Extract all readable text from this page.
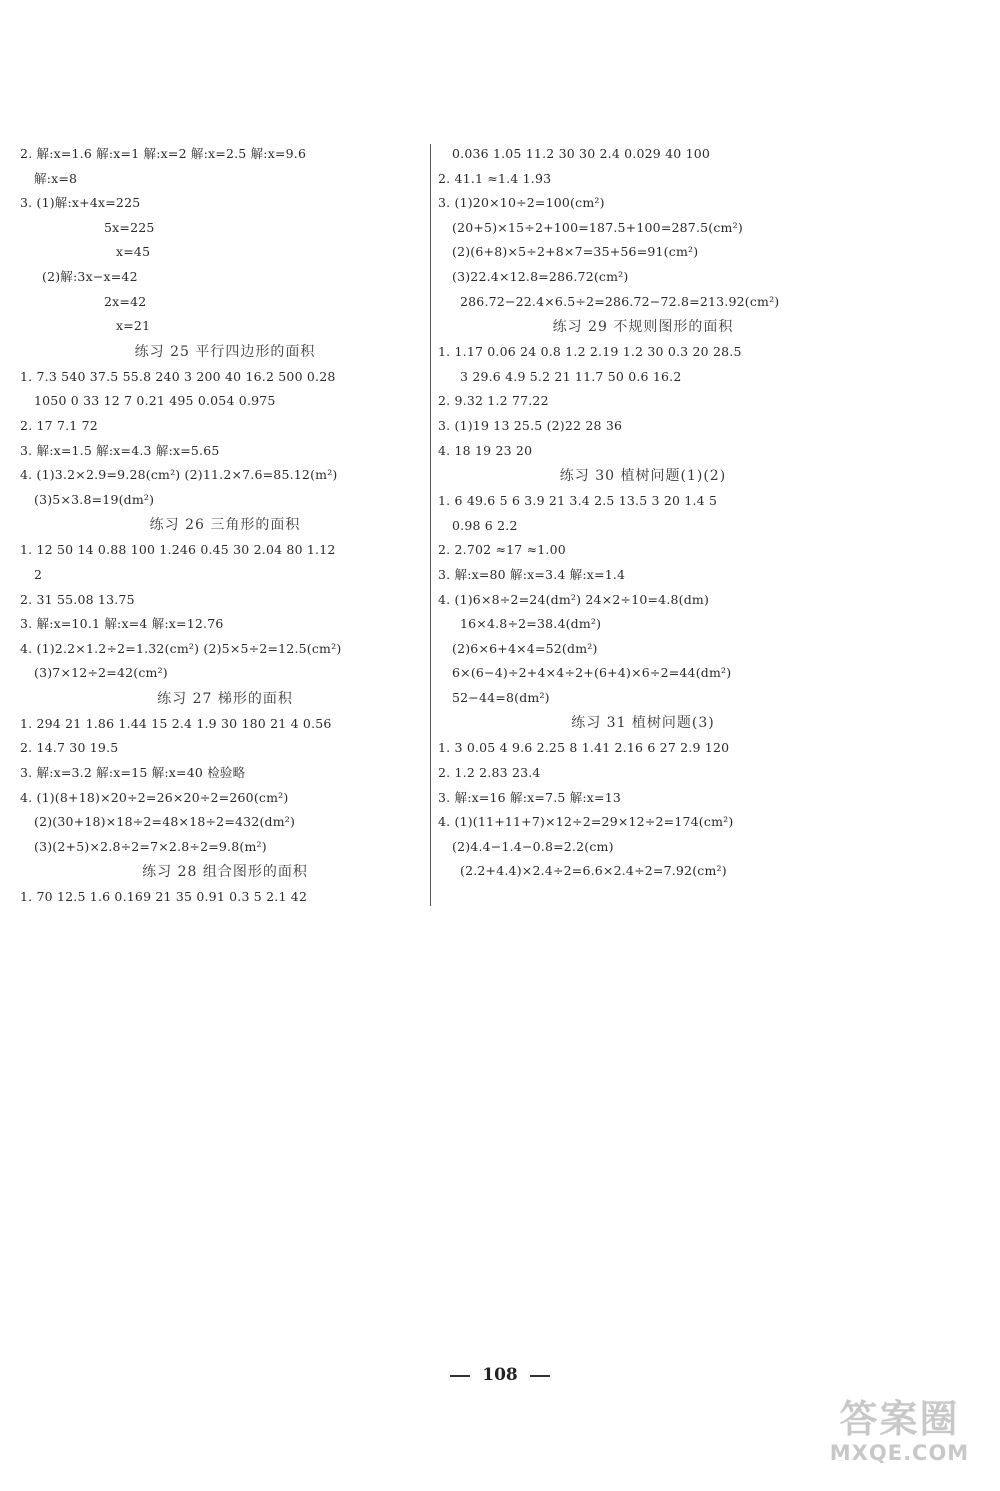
2. 解:x=1.6 解:x=1 解:x=2 解:x=2.5 解:x=9.6
解:x=8
3. (1)解:x+4x=225
5x=225
x=45
(2)解:3x−x=42
2x=42
x=21
练习 25 平行四边形的面积
1. 7.3 540 37.5 55.8 240 3 200 40 16.2 500 0.28
1050 0 33 12 7 0.21 495 0.054 0.975
2. 17 7.1 72
3. 解:x=1.5 解:x=4.3 解:x=5.65
4. (1)3.2×2.9=9.28(cm²) (2)11.2×7.6=85.12(m²)
(3)5×3.8=19(dm²)
练习 26 三角形的面积
1. 12 50 14 0.88 100 1.246 0.45 30 2.04 80 1.12
2
2. 31 55.08 13.75
3. 解:x=10.1 解:x=4 解:x=12.76
4. (1)2.2×1.2÷2=1.32(cm²) (2)5×5÷2=12.5(cm²)
(3)7×12÷2=42(cm²)
练习 27 梯形的面积
1. 294 21 1.86 1.44 15 2.4 1.9 30 180 21 4 0.56
2. 14.7 30 19.5
3. 解:x=3.2 解:x=15 解:x=40 检验略
4. (1)(8+18)×20÷2=26×20÷2=260(cm²)
(2)(30+18)×18÷2=48×18÷2=432(dm²)
(3)(2+5)×2.8÷2=7×2.8÷2=9.8(m²)
练习 28 组合图形的面积
1. 70 12.5 1.6 0.169 21 35 0.91 0.3 5 2.1 42
0.036 1.05 11.2 30 30 2.4 0.029 40 100
2. 41.1 ≈1.4 1.9̇3̇
3. (1)20×10÷2=100(cm²)
(20+5)×15÷2+100=187.5+100=287.5(cm²)
(2)(6+8)×5÷2+8×7=35+56=91(cm²)
(3)22.4×12.8=286.72(cm²)
286.72−22.4×6.5÷2=286.72−72.8=213.92(cm²)
练习 29 不规则图形的面积
1. 1.17 0.06 24 0.8 1.2 2.19 1.2 30 0.3 20 28.5
3 29.6 4.9 5.2 21 11.7 50 0.6 16.2
2. 9.32 1.2 77.22
3. (1)19 13 25.5 (2)22 28 36
4. 18 19 23 20
练习 30 植树问题(1)(2)
1. 6 49.6 5 6 3.9 21 3.4 2.5 13.5 3 20 1.4 5
0.98 6 2.2
2. 2.7̇02̇ ≈17 ≈1.00
3. 解:x=80 解:x=3.4 解:x=1.4
4. (1)6×8÷2=24(dm²) 24×2÷10=4.8(dm)
16×4.8÷2=38.4(dm²)
(2)6×6+4×4=52(dm²)
6×(6−4)÷2+4×4÷2+(6+4)×6÷2=44(dm²)
52−44=8(dm²)
练习 31 植树问题(3)
1. 3 0.05 4 9.6 2.25 8 1.41 2.16 6 27 2.9 120
2. 1.2 2.83 23.4
3. 解:x=16 解:x=7.5 解:x=13
4. (1)(11+11+7)×12÷2=29×12÷2=174(cm²)
(2)4.4−1.4−0.8=2.2(cm)
(2.2+4.4)×2.4÷2=6.6×2.4÷2=7.92(cm²)
108
答案圈
MXQE.COM
